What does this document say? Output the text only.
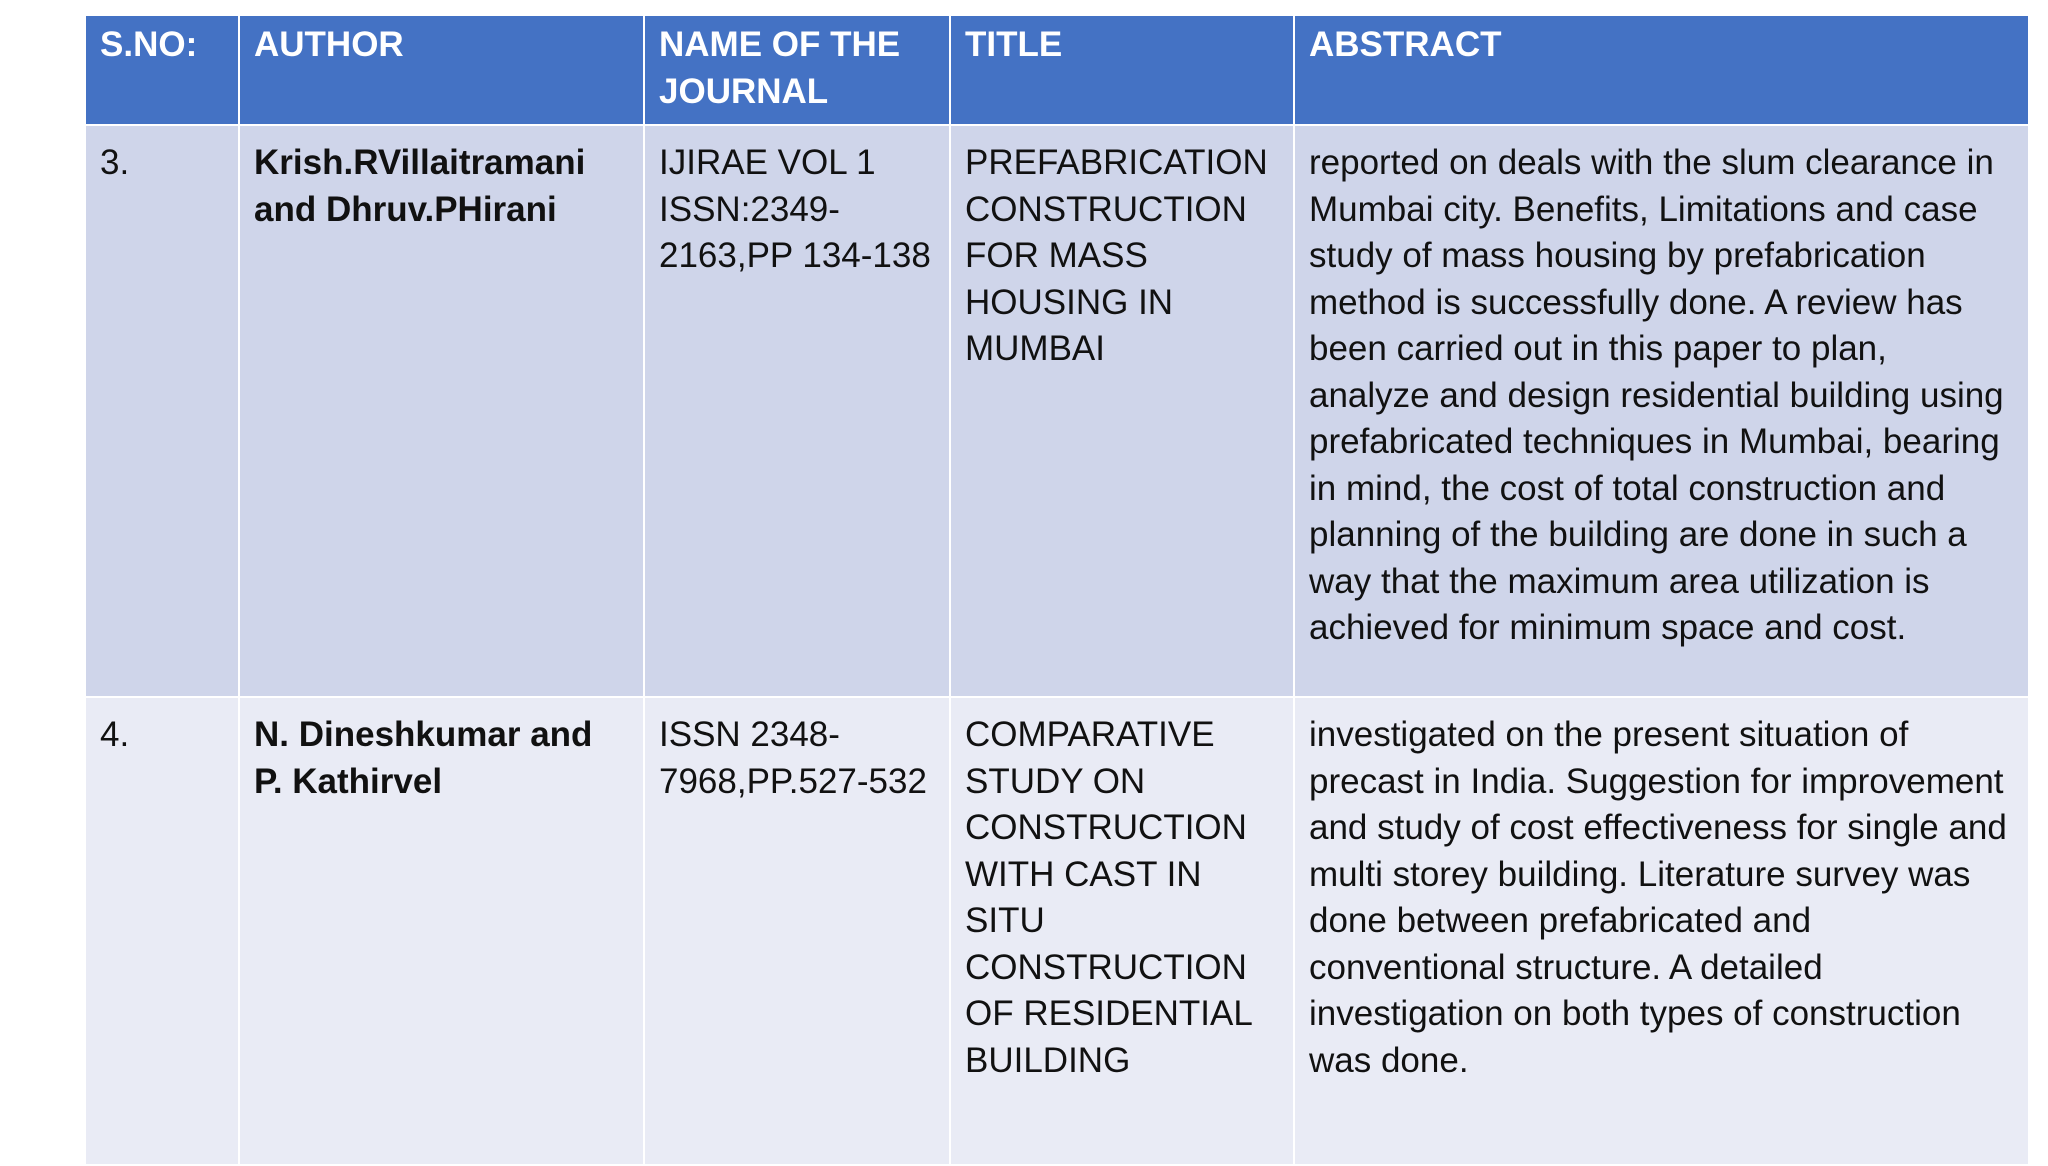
S.NO:	AUTHOR	NAME OF THE JOURNAL	TITLE	ABSTRACT
3.	Krish.RVillaitramani and Dhruv.PHirani	IJIRAE VOL 1 ISSN:2349-2163,PP 134-138	PREFABRICATION CONSTRUCTION FOR MASS HOUSING IN MUMBAI	reported on deals with the slum clearance in Mumbai city. Benefits, Limitations and case study of mass housing by prefabrication method is successfully done. A review has been carried out in this paper to plan, analyze and design residential building using prefabricated techniques in Mumbai, bearing in mind, the cost of total construction and planning of the building are done in such a way that the maximum area utilization is achieved for minimum space and cost.
4.	N. Dineshkumar and P. Kathirvel	ISSN 2348-7968,PP.527-532	COMPARATIVE STUDY ON CONSTRUCTION WITH CAST IN SITU CONSTRUCTION OF RESIDENTIAL BUILDING	investigated on the present situation of precast in India. Suggestion for improvement and study of cost effectiveness for single and multi storey building. Literature survey was done between prefabricated and conventional structure. A detailed investigation on both types of construction was done.
